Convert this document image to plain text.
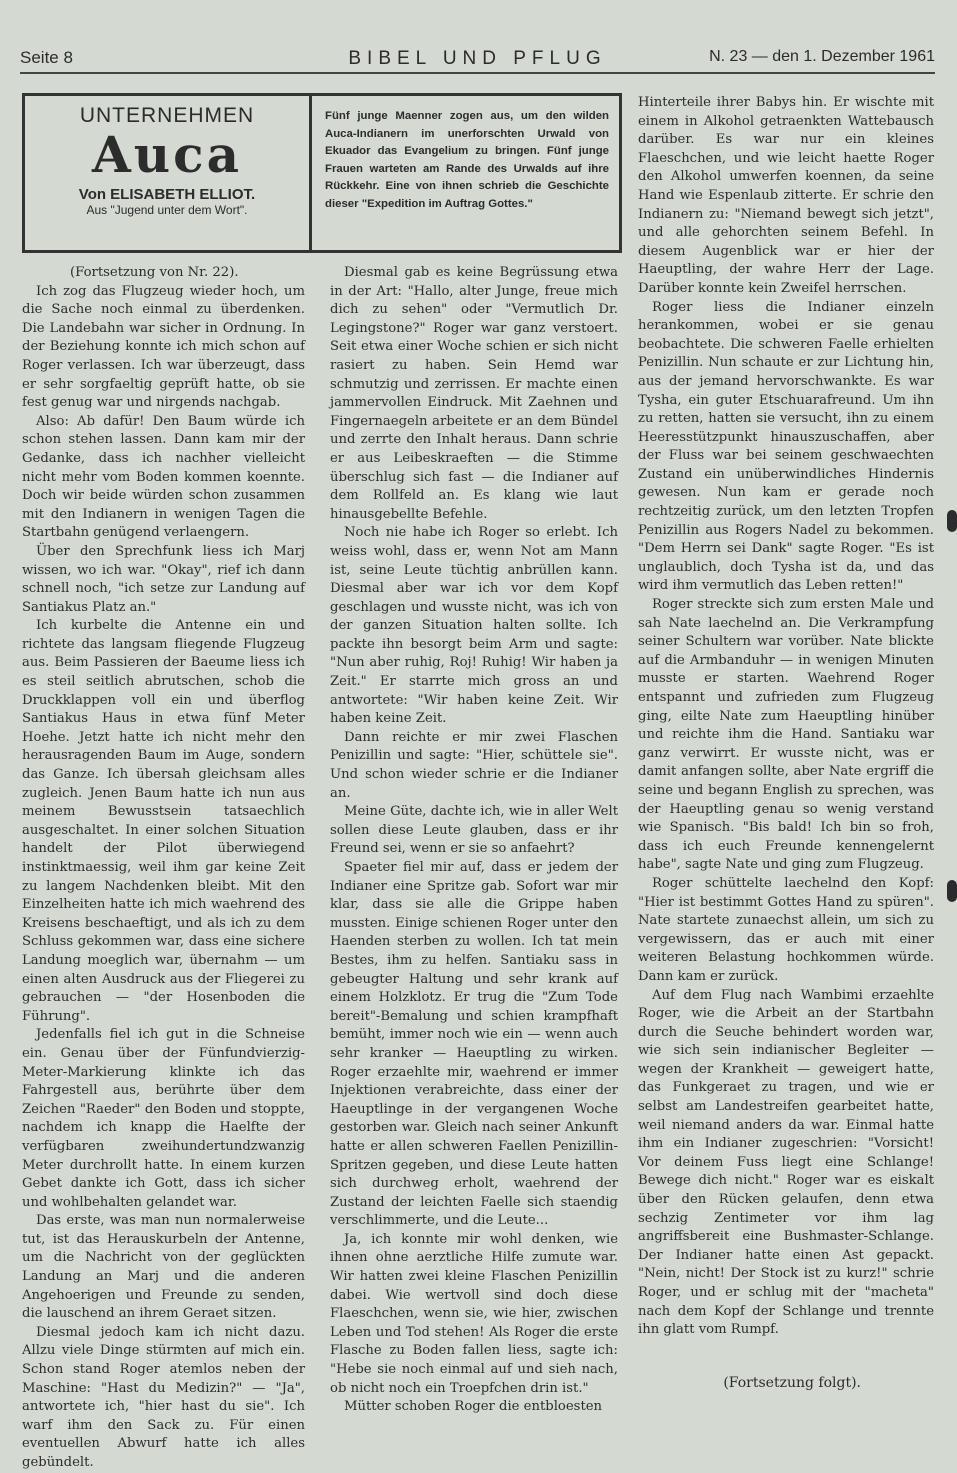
Seite 8	BIBEL UND PFLUG	N. 23 — den 1. Dezember 1961
UNTERNEHMEN
Auca
Von ELISABETH ELLIOT.
Aus "Jugend unter dem Wort".
Fünf junge Maenner zogen aus, um den wilden Auca-Indianern im unerforschten Urwald von Ekuador das Evangelium zu bringen. Fünf junge Frauen warteten am Rande des Urwalds auf ihre Rückkehr. Eine von ihnen schrieb die Geschichte dieser "Expedition im Auftrag Gottes."

(Fortsetzung von Nr. 22).

Ich zog das Flugzeug wieder hoch, um die Sache noch einmal zu überdenken. Die Landebahn war sicher in Ordnung. In der Beziehung konnte ich mich schon auf Roger verlassen. Ich war überzeugt, dass er sehr sorgfaeltig geprüft hatte, ob sie fest genug war und nirgends nachgab.

Also: Ab dafür! Den Baum würde ich schon stehen lassen. Dann kam mir der Gedanke, dass ich nachher vielleicht nicht mehr vom Boden kommen koennte. Doch wir beide würden schon zusammen mit den Indianern in wenigen Tagen die Startbahn genügend verlaengern.

Über den Sprechfunk liess ich Marj wissen, wo ich war. "Okay", rief ich dann schnell noch, "ich setze zur Landung auf Santiakus Platz an."

Ich kurbelte die Antenne ein und richtete das langsam fliegende Flugzeug aus. Beim Passieren der Baeume liess ich es steil seitlich abrutschen, schob die Druckklappen voll ein und überflog Santiakus Haus in etwa fünf Meter Hoehe. Jetzt hatte ich nicht mehr den herausragenden Baum im Auge, sondern das Ganze. Ich übersah gleichsam alles zugleich. Jenen Baum hatte ich nun aus meinem Bewusstsein tatsaechlich ausgeschaltet. In einer solchen Situation handelt der Pilot überwiegend instinktmaessig, weil ihm gar keine Zeit zu langem Nachdenken bleibt. Mit den Einzelheiten hatte ich mich waehrend des Kreisens beschaeftigt, und als ich zu dem Schluss gekommen war, dass eine sichere Landung moeglich war, übernahm — um einen alten Ausdruck aus der Fliegerei zu gebrauchen — "der Hosenboden die Führung".

Jedenfalls fiel ich gut in die Schneise ein. Genau über der Fünfundvierzig-Meter-Markierung klinkte ich das Fahrgestell aus, berührte über dem Zeichen "Raeder" den Boden und stoppte, nachdem ich knapp die Haelfte der verfügbaren zweihundertundzwanzig Meter durchrollt hatte. In einem kurzen Gebet dankte ich Gott, dass ich sicher und wohlbehalten gelandet war.

Das erste, was man nun normalerweise tut, ist das Herauskurbeln der Antenne, um die Nachricht von der geglückten Landung an Marj und die anderen Angehoerigen und Freunde zu senden, die lauschend an ihrem Geraet sitzen.

Diesmal jedoch kam ich nicht dazu. Allzu viele Dinge stürmten auf mich ein. Schon stand Roger atemlos neben der Maschine: "Hast du Medizin?" — "Ja", antwortete ich, "hier hast du sie". Ich warf ihm den Sack zu. Für einen eventuellen Abwurf hatte ich alles gebündelt.

Diesmal gab es keine Begrüssung etwa in der Art: "Hallo, alter Junge, freue mich dich zu sehen" oder "Vermutlich Dr. Legingstone?" Roger war ganz verstoert. Seit etwa einer Woche schien er sich nicht rasiert zu haben. Sein Hemd war schmutzig und zerrissen. Er machte einen jammervollen Eindruck. Mit Zaehnen und Fingernaegeln arbeitete er an dem Bündel und zerrte den Inhalt heraus. Dann schrie er aus Leibeskraeften — die Stimme überschlug sich fast — die Indianer auf dem Rollfeld an. Es klang wie laut hinausgebellte Befehle.

Noch nie habe ich Roger so erlebt. Ich weiss wohl, dass er, wenn Not am Mann ist, seine Leute tüchtig anbrüllen kann. Diesmal aber war ich vor dem Kopf geschlagen und wusste nicht, was ich von der ganzen Situation halten sollte. Ich packte ihn besorgt beim Arm und sagte: "Nun aber ruhig, Roj! Ruhig! Wir haben ja Zeit." Er starrte mich gross an und antwortete: "Wir haben keine Zeit. Wir haben keine Zeit.

Dann reichte er mir zwei Flaschen Penizillin und sagte: "Hier, schüttele sie". Und schon wieder schrie er die Indianer an.

Meine Güte, dachte ich, wie in aller Welt sollen diese Leute glauben, dass er ihr Freund sei, wenn er sie so anfaehrt?

Spaeter fiel mir auf, dass er jedem der Indianer eine Spritze gab. Sofort war mir klar, dass sie alle die Grippe haben mussten. Einige schienen Roger unter den Haenden sterben zu wollen. Ich tat mein Bestes, ihm zu helfen. Santiaku sass in gebeugter Haltung und sehr krank auf einem Holzklotz. Er trug die "Zum Tode bereit"-Bemalung und schien krampfhaft bemüht, immer noch wie ein — wenn auch sehr kranker — Haeuptling zu wirken. Roger erzaehlte mir, waehrend er immer Injektionen verabreichte, dass einer der Haeuptlinge in der vergangenen Woche gestorben war. Gleich nach seiner Ankunft hatte er allen schweren Faellen Penizillin-Spritzen gegeben, und diese Leute hatten sich durchweg erholt, waehrend der Zustand der leichten Faelle sich staendig verschlimmerte, und die Leute...

Ja, ich konnte mir wohl denken, wie ihnen ohne aerztliche Hilfe zumute war. Wir hatten zwei kleine Flaschen Penizillin dabei. Wie wertvoll sind doch diese Flaeschchen, wenn sie, wie hier, zwischen Leben und Tod stehen! Als Roger die erste Flasche zu Boden fallen liess, sagte ich: "Hebe sie noch einmal auf und sieh nach, ob nicht noch ein Troepfchen drin ist."

Mütter schoben Roger die entbloesten

Hinterteile ihrer Babys hin. Er wischte mit einem in Alkohol getraenkten Wattebausch darüber. Es war nur ein kleines Flaeschchen, und wie leicht haette Roger den Alkohol umwerfen koennen, da seine Hand wie Espenlaub zitterte. Er schrie den Indianern zu: "Niemand bewegt sich jetzt", und alle gehorchten seinem Befehl. In diesem Augenblick war er hier der Haeuptling, der wahre Herr der Lage. Darüber konnte kein Zweifel herrschen.

Roger liess die Indianer einzeln herankommen, wobei er sie genau beobachtete. Die schweren Faelle erhielten Penizillin. Nun schaute er zur Lichtung hin, aus der jemand hervorschwankte. Es war Tysha, ein guter Etschuarafreund. Um ihn zu retten, hatten sie versucht, ihn zu einem Heeresstützpunkt hinauszuschaffen, aber der Fluss war bei seinem geschwaechten Zustand ein unüberwindliches Hindernis gewesen. Nun kam er gerade noch rechtzeitig zurück, um den letzten Tropfen Penizillin aus Rogers Nadel zu bekommen. "Dem Herrn sei Dank" sagte Roger. "Es ist unglaublich, doch Tysha ist da, und das wird ihm vermutlich das Leben retten!"

Roger streckte sich zum ersten Male und sah Nate laechelnd an. Die Verkrampfung seiner Schultern war vorüber. Nate blickte auf die Armbanduhr — in wenigen Minuten musste er starten. Waehrend Roger entspannt und zufrieden zum Flugzeug ging, eilte Nate zum Haeuptling hinüber und reichte ihm die Hand. Santiaku war ganz verwirrt. Er wusste nicht, was er damit anfangen sollte, aber Nate ergriff die seine und begann English zu sprechen, was der Haeuptling genau so wenig verstand wie Spanisch. "Bis bald! Ich bin so froh, dass ich euch Freunde kennengelernt habe", sagte Nate und ging zum Flugzeug.

Roger schüttelte laechelnd den Kopf: "Hier ist bestimmt Gottes Hand zu spüren". Nate startete zunaechst allein, um sich zu vergewissern, das er auch mit einer weiteren Belastung hochkommen würde. Dann kam er zurück.

Auf dem Flug nach Wambimi erzaehlte Roger, wie die Arbeit an der Startbahn durch die Seuche behindert worden war, wie sich sein indianischer Begleiter — wegen der Krankheit — geweigert hatte, das Funkgeraet zu tragen, und wie er selbst am Landestreifen gearbeitet hatte, weil niemand anders da war. Einmal hatte ihm ein Indianer zugeschrien: "Vorsicht! Vor deinem Fuss liegt eine Schlange! Bewege dich nicht." Roger war es eiskalt über den Rücken gelaufen, denn etwa sechzig Zentimeter vor ihm lag angriffsbereit eine Bushmaster-Schlange. Der Indianer hatte einen Ast gepackt. "Nein, nicht! Der Stock ist zu kurz!" schrie Roger, und er schlug mit der "macheta" nach dem Kopf der Schlange und trennte ihn glatt vom Rumpf.

(Fortsetzung folgt).
